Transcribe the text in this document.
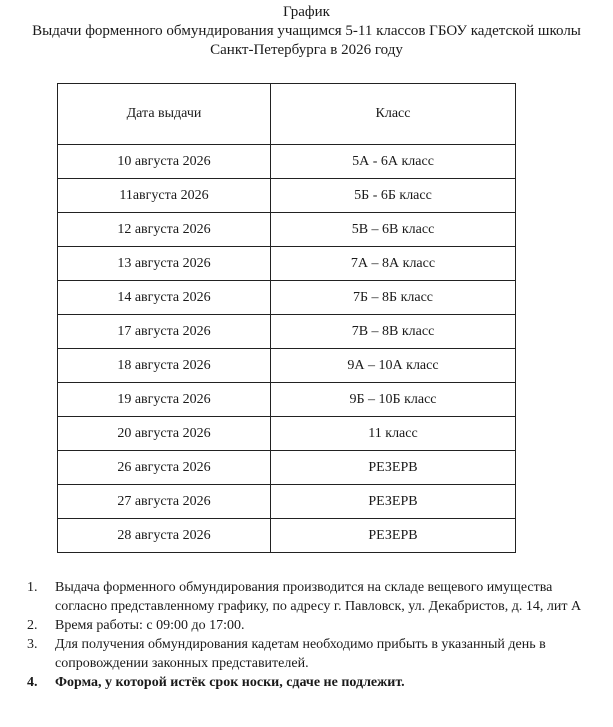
График
Выдачи форменного обмундирования учащимся 5-11 классов ГБОУ кадетской школы
Санкт-Петербурга в 2026 году
Дата выдачи	Класс
10 августа 2026	5А - 6А класс
11августа 2026	5Б - 6Б класс
12 августа 2026	5В – 6В класс
13 августа 2026	7А – 8А класс
14 августа 2026	7Б – 8Б класс
17 августа 2026	7В – 8В класс
18 августа 2026	9А – 10А класс
19 августа 2026	9Б – 10Б класс
20 августа 2026	11 класс
26 августа 2026	РЕЗЕРВ
27 августа 2026	РЕЗЕРВ
28 августа 2026	РЕЗЕРВ
1.	Выдача форменного обмундирования производится на складе вещевого имущества согласно представленному графику, по адресу г. Павловск, ул. Декабристов, д. 14, лит А
2.	Время работы: с 09:00 до 17:00.
3.	Для получения обмундирования кадетам необходимо прибыть в указанный день в сопровождении законных представителей.
4.	Форма, у которой истёк срок носки, сдаче не подлежит.
